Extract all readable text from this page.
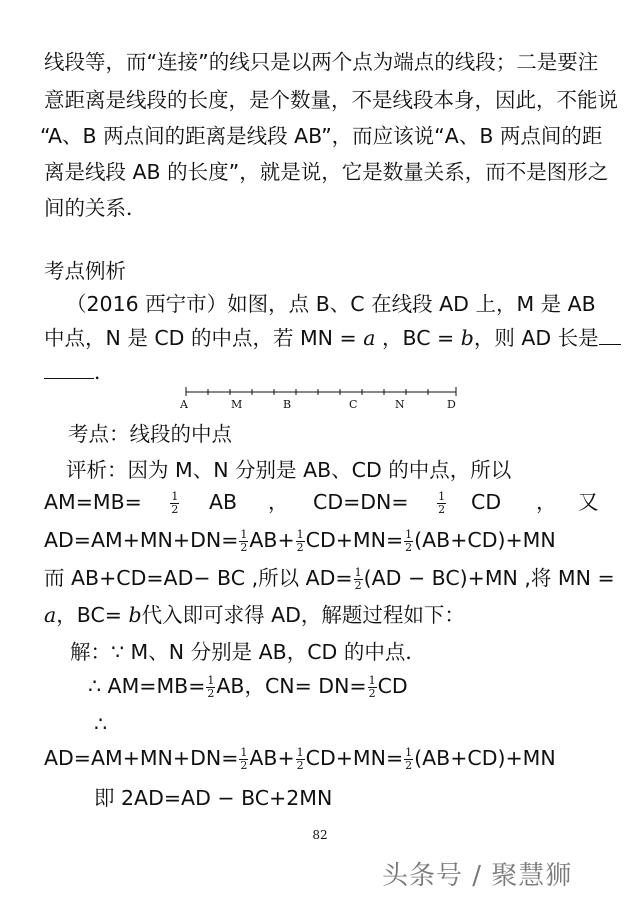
线段等，而“连接”的线只是以两个点为端点的线段；二是要注
意距离是线段的长度，是个数量，不是线段本身，因此，不能说
“A、B 两点间的距离是线段 AB”，而应该说“A、B 两点间的距
离是线段 AB 的长度”，就是说，它是数量关系，而不是图形之
间的关系．
考点例析
（2016 西宁市）如图，点 B、C 在线段 AD 上，M 是 AB
中点，N 是 CD 的中点，若 MN = a ，BC = b，则 AD 长是
．
A	M	B	C	N	D
考点：线段的中点
评析：因为 M、N 分别是 AB、CD 的中点，所以
AM=MB=	$\frac{1}{2}$ AB ， CD=DN=	$\frac{1}{2}$ CD ， 又
$AD=AM+MN+DN= \frac{1}{2} AB+ \frac{1}{2} CD+MN= \frac{1}{2} (AB+CD)+MN$
而 AB+CD=AD− BC ,所以 $AD= \frac{1}{2} (AD - BC)+MN$ ,将 MN =
a，BC= b代入即可求得 AD，解题过程如下：
解：∵ M、N 分别是 AB，CD 的中点．
∴ $AM=MB= \frac{1}{2}$ AB，$CN= DN= \frac{1}{2}$ CD
∴
$AD=AM+MN+DN= \frac{1}{2} AB+ \frac{1}{2} CD+MN= \frac{1}{2} (AB+CD)+MN$
即 2AD=AD − BC+2MN
82
头条号 / 聚慧狮
